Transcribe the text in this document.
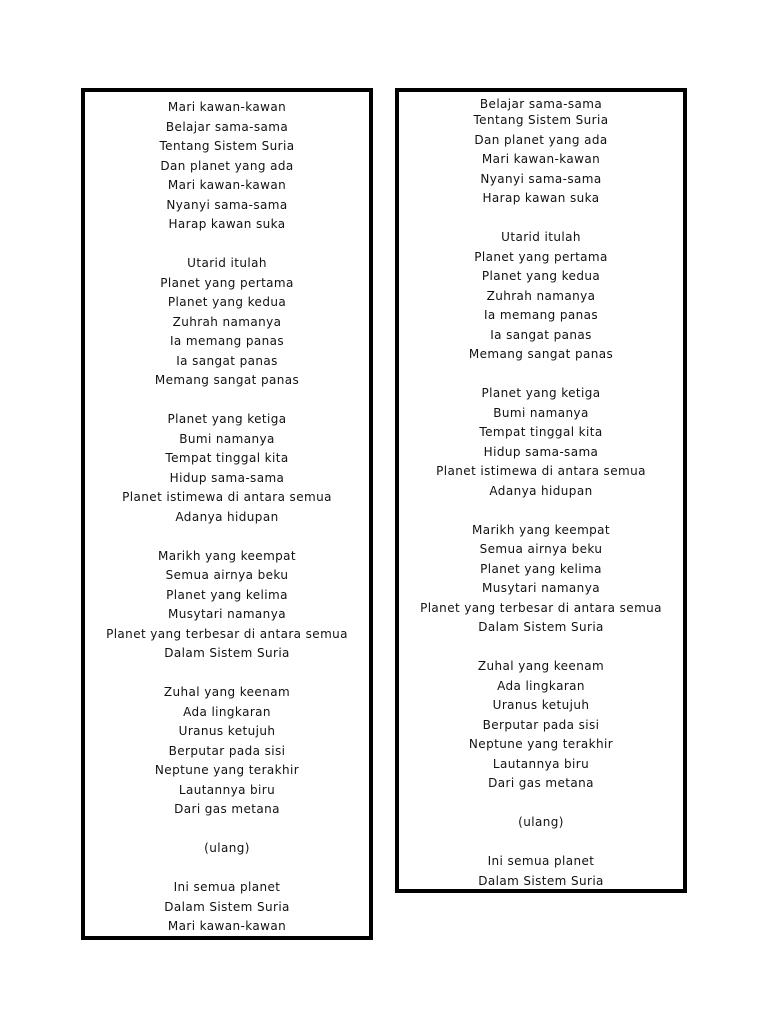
Mari kawan-kawan
Belajar sama-sama
Tentang Sistem Suria
Dan planet yang ada
Mari kawan-kawan
Nyanyi sama-sama
Harap kawan suka
Utarid itulah
Planet yang pertama
Planet yang kedua
Zuhrah namanya
Ia memang panas
Ia sangat panas
Memang sangat panas
Planet yang ketiga
Bumi namanya
Tempat tinggal kita
Hidup sama-sama
Planet istimewa di antara semua
Adanya hidupan
Marikh yang keempat
Semua airnya beku
Planet yang kelima
Musytari namanya
Planet yang terbesar di antara semua
Dalam Sistem Suria
Zuhal yang keenam
Ada lingkaran
Uranus ketujuh
Berputar pada sisi
Neptune yang terakhir
Lautannya biru
Dari gas metana
(ulang)
Ini semua planet
Dalam Sistem Suria
Mari kawan-kawan
Belajar sama-sama
Tentang Sistem Suria
Dan planet yang ada
Mari kawan-kawan
Nyanyi sama-sama
Harap kawan suka
Utarid itulah
Planet yang pertama
Planet yang kedua
Zuhrah namanya
Ia memang panas
Ia sangat panas
Memang sangat panas
Planet yang ketiga
Bumi namanya
Tempat tinggal kita
Hidup sama-sama
Planet istimewa di antara semua
Adanya hidupan
Marikh yang keempat
Semua airnya beku
Planet yang kelima
Musytari namanya
Planet yang terbesar di antara semua
Dalam Sistem Suria
Zuhal yang keenam
Ada lingkaran
Uranus ketujuh
Berputar pada sisi
Neptune yang terakhir
Lautannya biru
Dari gas metana
(ulang)
Ini semua planet
Dalam Sistem Suria
